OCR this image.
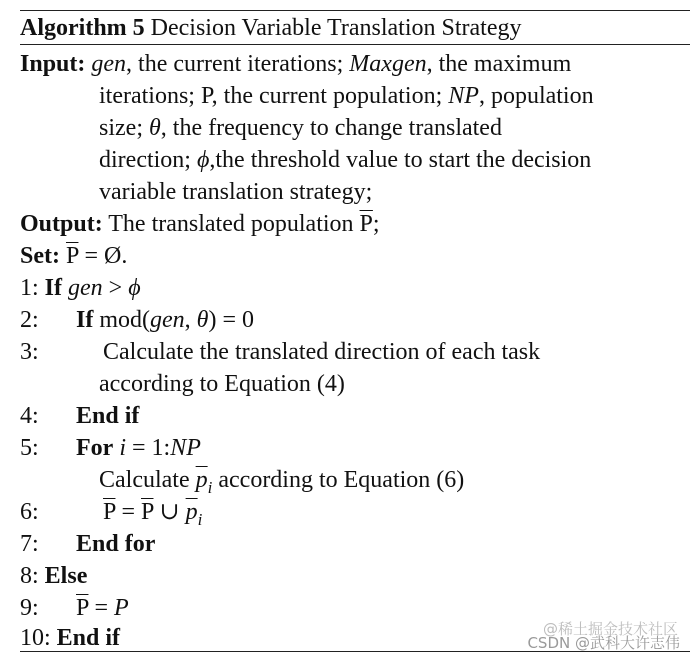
Algorithm 5 Decision Variable Translation Strategy
Input: gen, the current iterations; Maxgen, the maximum
iterations; P, the current population; NP, population
size; θ, the frequency to change translated
direction; ϕ,the threshold value to start the decision
variable translation strategy;
Output: The translated population $\overline{P}$;
Set: $\overline{P}$ = Ø.
1: If gen > ϕ
2: If mod(gen, θ) = 0
3:	Calculate the translated direction of each task
according to Equation (4)
4: End if
5: For i = 1:NP
Calculate $\overline{p}_i$ according to Equation (6)
6:	$\overline{P} = \overline{P}$ ∪ $\overline{p}_i$
7: End for
8: Else
9: $\overline{P} = P$
10: End if	@稀土掘金技术社区
CSDN @武科大许志伟
